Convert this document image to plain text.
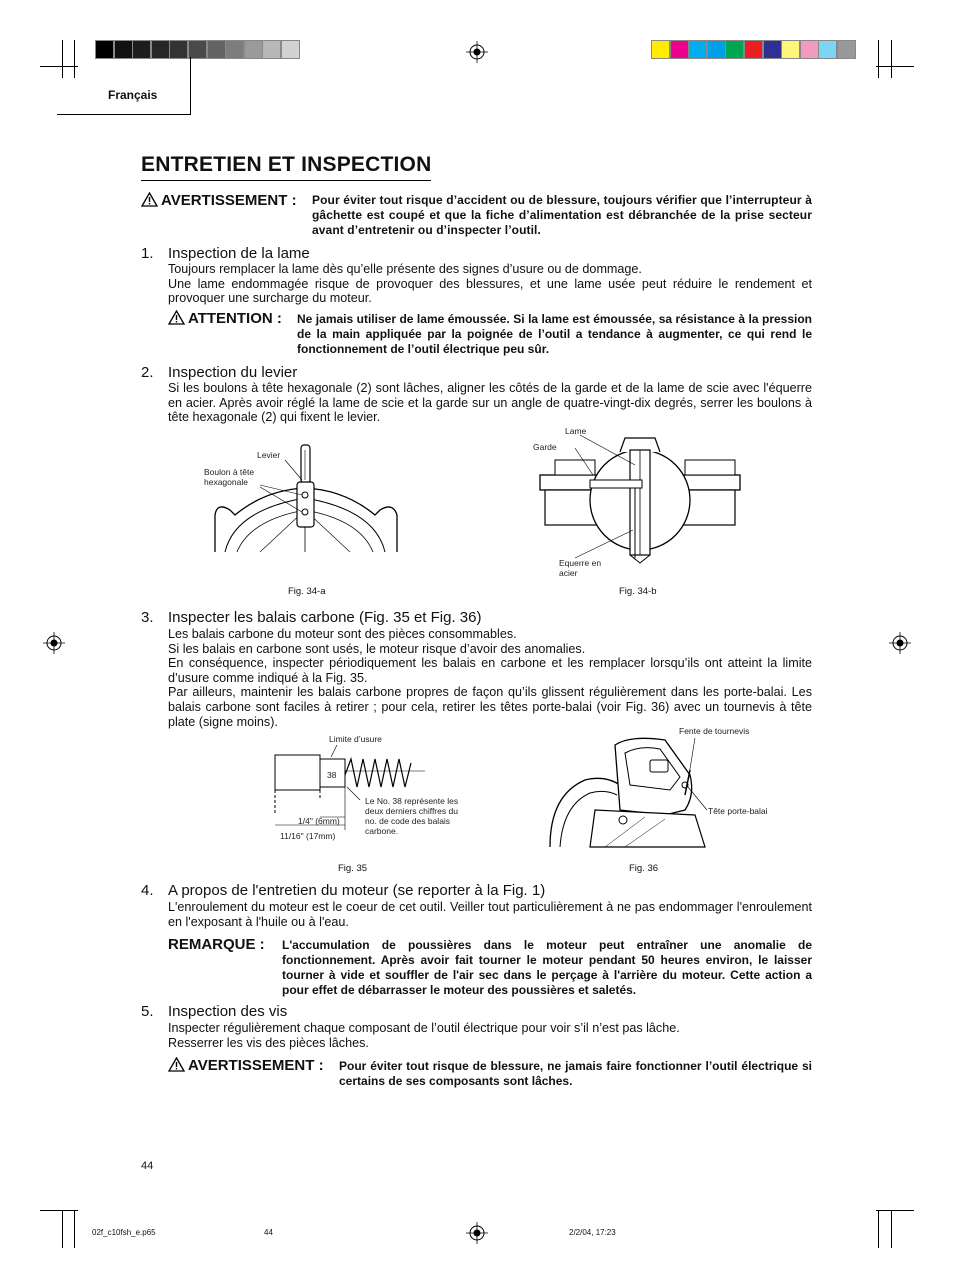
Français
ENTRETIEN ET INSPECTION
AVERTISSEMENT : Pour éviter tout risque d’accident ou de blessure, toujours vérifier que l’interrupteur à gâchette est coupé et que la fiche d’alimentation est débranchée de la prise secteur avant d’entretenir ou d’inspecter l’outil.
1. Inspection de la lame
Toujours remplacer la lame dès qu’elle présente des signes d’usure ou de dommage.
Une lame endommagée risque de provoquer des blessures, et une lame usée peut réduire le rendement et provoquer une surcharge du moteur.
ATTENTION : Ne jamais utiliser de lame émoussée. Si la lame est émoussée, sa résistance à la pression de la main appliquée par la poignée de l’outil a tendance à augmenter, ce qui rend le fonctionnement de l’outil électrique peu sûr.
2. Inspection du levier
Si les boulons à tête hexagonale (2) sont lâches, aligner les côtés de la garde et de la lame de scie avec l'équerre en acier. Après avoir réglé la lame de scie et la garde sur un angle de quatre-vingt-dix degrés, serrer les boulons à tête hexagonale (2) qui fixent le levier.
Levier
Boulon à tête
hexagonale
Fig. 34-a
Lame
Garde
Equerre en
acier
Fig. 34-b
3. Inspecter les balais carbone (Fig. 35 et Fig. 36)
Les balais carbone du moteur sont des pièces consommables.
Si les balais en carbone sont usés, le moteur risque d’avoir des anomalies.
En conséquence, inspecter périodiquement les balais en carbone et les remplacer lorsqu’ils ont atteint la limite d’usure comme indiqué à la Fig. 35.
Par ailleurs, maintenir les balais carbone propres de façon qu’ils glissent régulièrement dans les porte-balai. Les balais carbone sont faciles à retirer ; pour cela, retirer les têtes porte-balai (voir Fig. 36) avec un tournevis à tête plate (signe moins).
Limite d’usure
38
Le No. 38 représente les
deux derniers chiffres du
no. de code des balais
carbone.
1/4" (6mm)
11/16" (17mm)
Fig. 35
Fente de tournevis
Tête porte-balai
Fig. 36
4. A propos de l'entretien du moteur (se reporter à la Fig. 1)
L'enroulement du moteur est le coeur de cet outil. Veiller tout particulièrement à ne pas endommager l'enroulement en l'exposant à l'huile ou à l'eau.
REMARQUE : L'accumulation de poussières dans le moteur peut entraîner une anomalie de fonctionnement. Après avoir fait tourner le moteur pendant 50 heures environ, le laisser tourner à vide et souffler de l'air sec dans le perçage à l'arrière du moteur. Cette action a pour effet de débarrasser le moteur des poussières et saletés.
5. Inspection des vis
Inspecter régulièrement chaque composant de l’outil électrique pour voir s’il n’est pas lâche.
Resserrer les vis des pièces lâches.
AVERTISSEMENT : Pour éviter tout risque de blessure, ne jamais faire fonctionner l’outil électrique si certains de ses composants sont lâches.
44
02f_c10fsh_e.p65	44	2/2/04, 17:23
